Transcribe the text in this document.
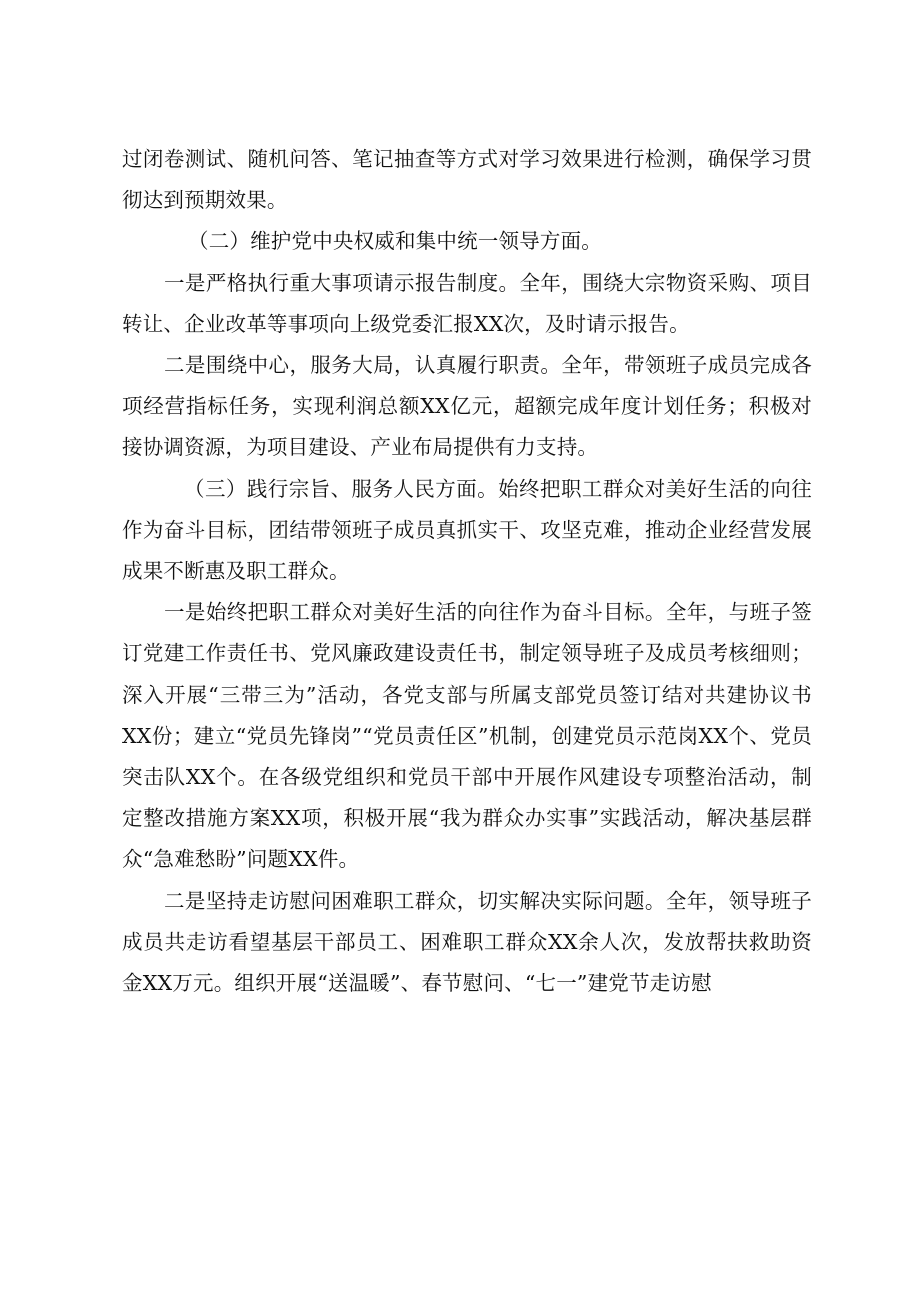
过闭卷测试、随机问答、笔记抽查等方式对学习效果进行检测，确保学习贯彻达到预期效果。

（二）维护党中央权威和集中统一领导方面。

一是严格执行重大事项请示报告制度。全年，围绕大宗物资采购、项目转让、企业改革等事项向上级党委汇报XX次，及时请示报告。

二是围绕中心，服务大局，认真履行职责。全年，带领班子成员完成各项经营指标任务，实现利润总额XX亿元，超额完成年度计划任务；积极对接协调资源，为项目建设、产业布局提供有力支持。

（三）践行宗旨、服务人民方面。始终把职工群众对美好生活的向往作为奋斗目标，团结带领班子成员真抓实干、攻坚克难，推动企业经营发展成果不断惠及职工群众。

一是始终把职工群众对美好生活的向往作为奋斗目标。全年，与班子签订党建工作责任书、党风廉政建设责任书，制定领导班子及成员考核细则；深入开展“三带三为”活动，各党支部与所属支部党员签订结对共建协议书XX份；建立“党员先锋岗”“党员责任区”机制，创建党员示范岗XX个、党员突击队XX个。在各级党组织和党员干部中开展作风建设专项整治活动，制定整改措施方案XX项，积极开展“我为群众办实事”实践活动，解决基层群众“急难愁盼”问题XX件。

二是坚持走访慰问困难职工群众，切实解决实际问题。全年，领导班子成员共走访看望基层干部员工、困难职工群众XX余人次，发放帮扶救助资金XX万元。组织开展“送温暖”、春节慰问、“七一”建党节走访慰
